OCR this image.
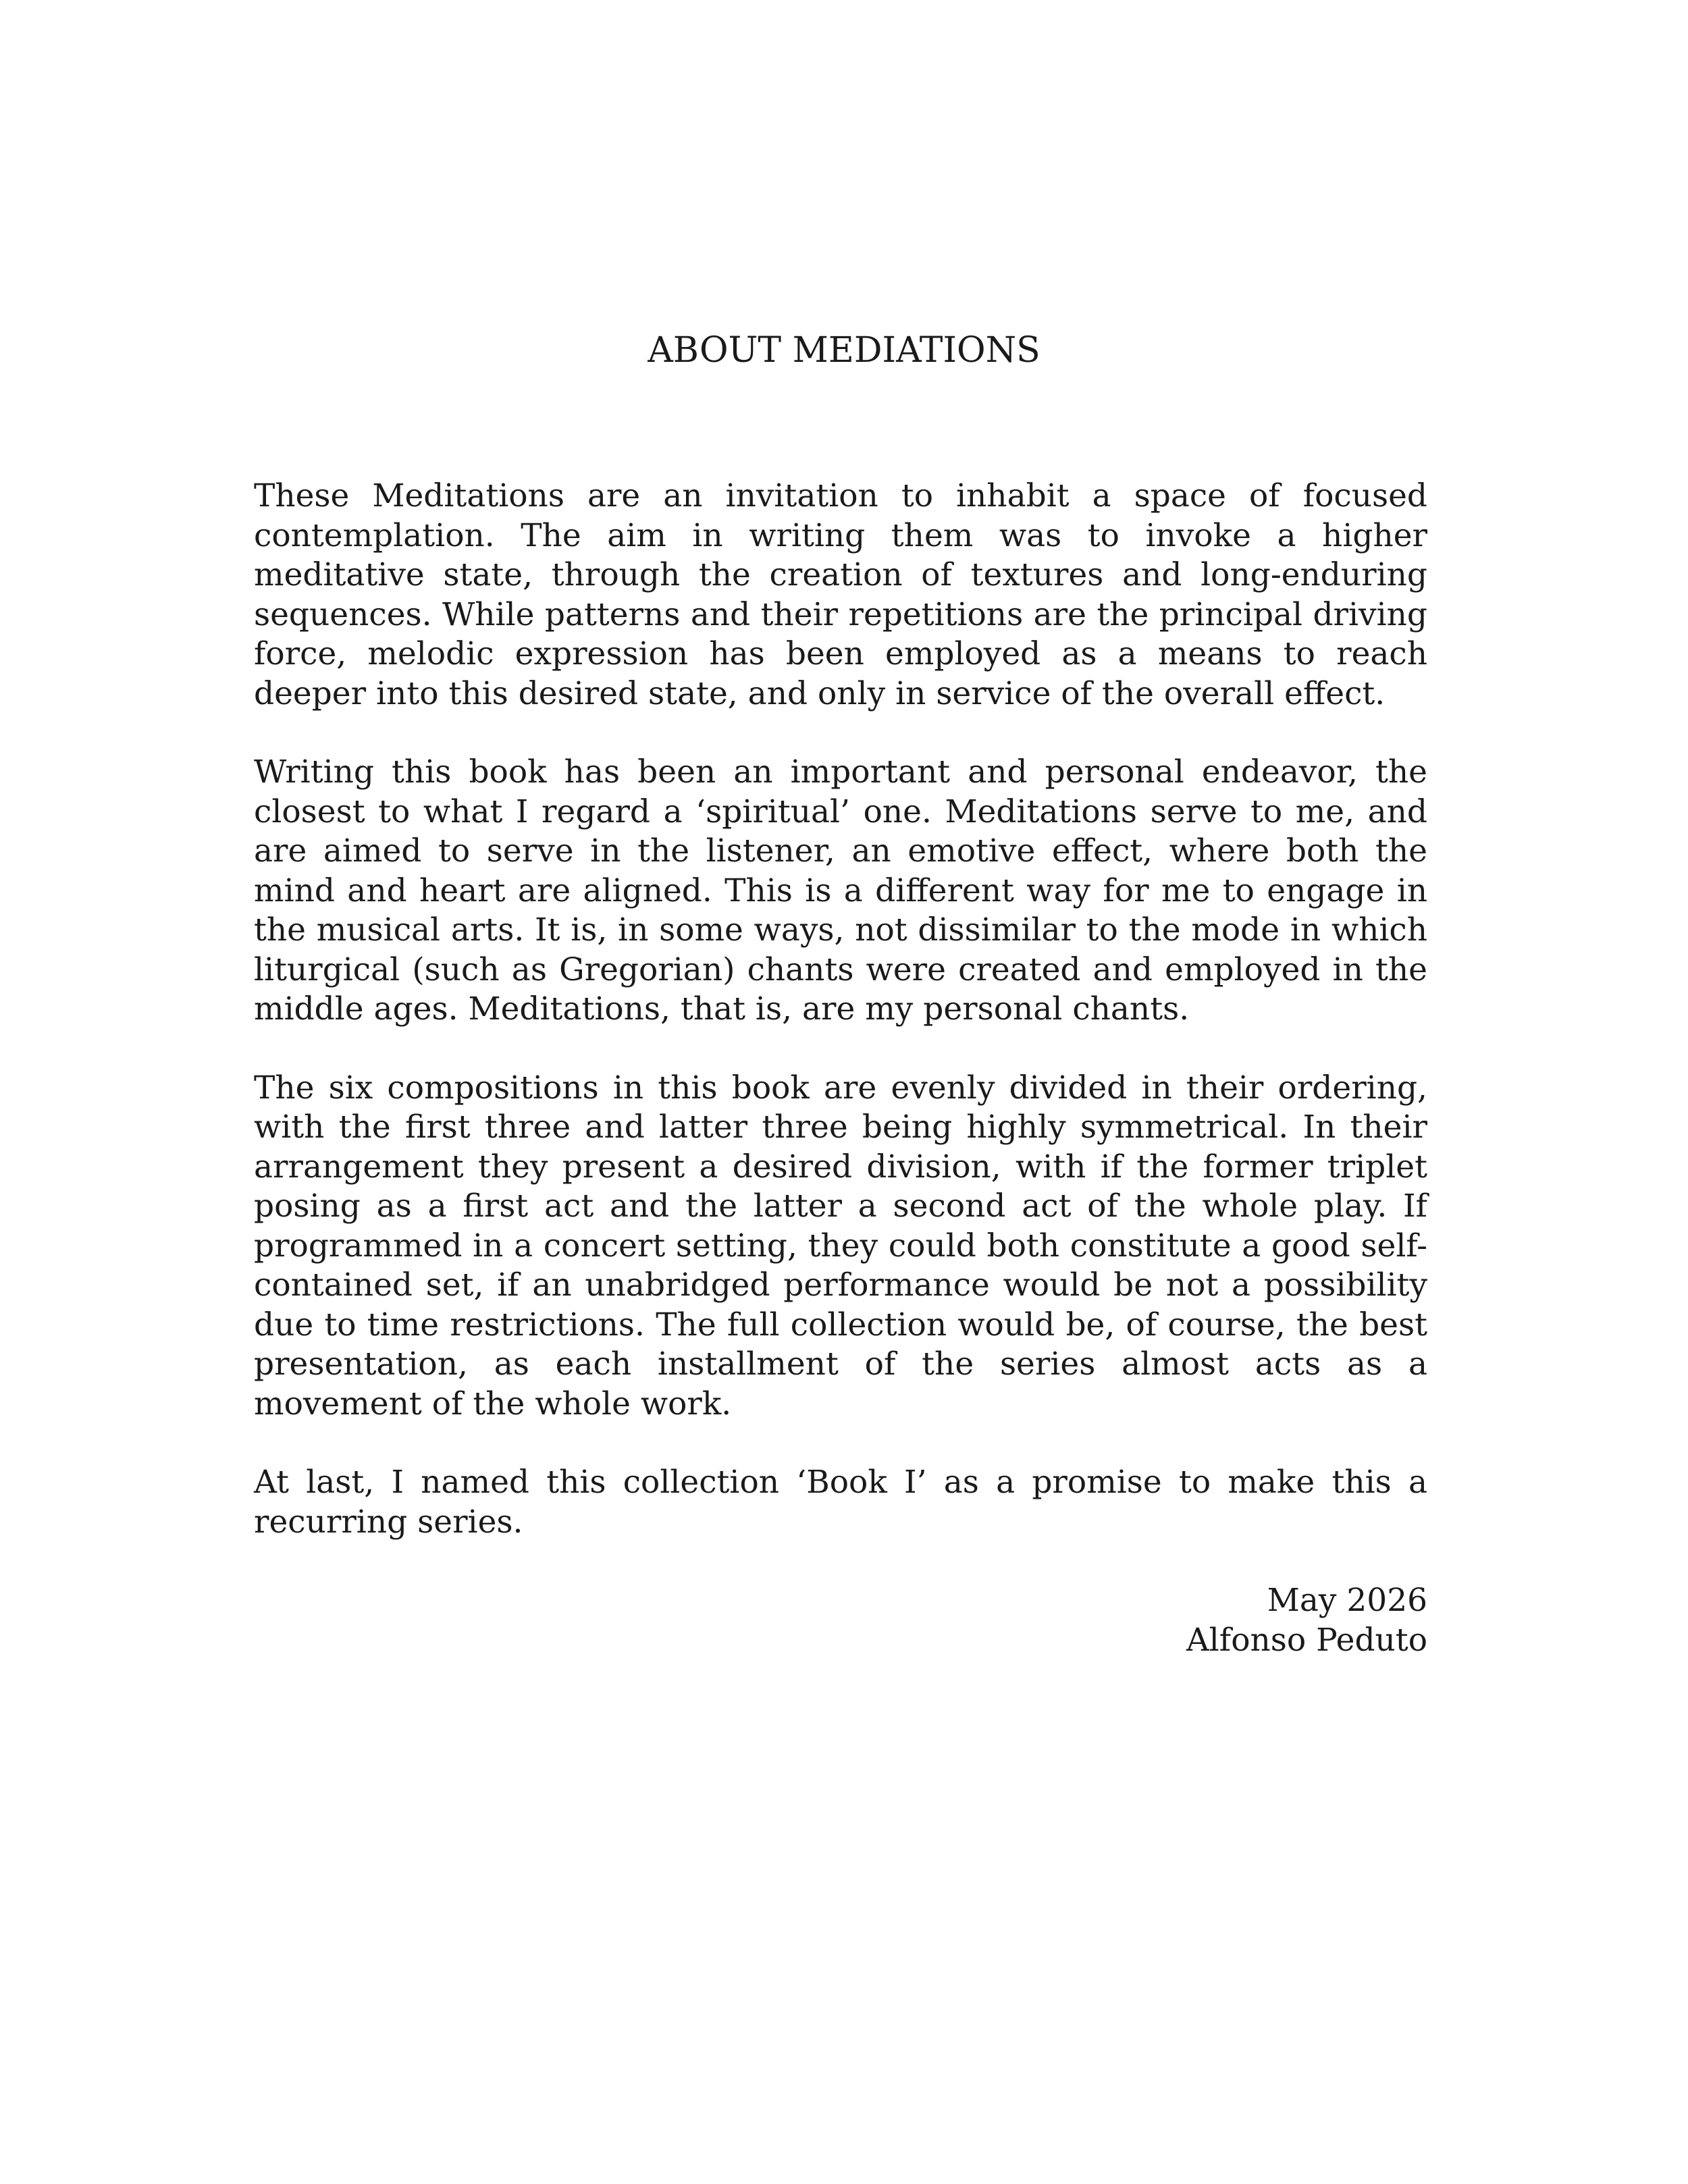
ABOUT MEDIATIONS

These Meditations are an invitation to inhabit a space of focused contemplation. The aim in writing them was to invoke a higher meditative state, through the creation of textures and long-enduring sequences. While patterns and their repetitions are the principal driving force, melodic expression has been employed as a means to reach deeper into this desired state, and only in service of the overall effect.

Writing this book has been an important and personal endeavor, the closest to what I regard a ‘spiritual’ one. Meditations serve to me, and are aimed to serve in the listener, an emotive effect, where both the mind and heart are aligned. This is a different way for me to engage in the musical arts. It is, in some ways, not dissimilar to the mode in which liturgical (such as Gregorian) chants were created and employed in the middle ages. Meditations, that is, are my personal chants.

The six compositions in this book are evenly divided in their ordering, with the first three and latter three being highly symmetrical. In their arrangement they present a desired division, with if the former triplet posing as a first act and the latter a second act of the whole play. If programmed in a concert setting, they could both constitute a good self-contained set, if an unabridged performance would be not a possibility due to time restrictions. The full collection would be, of course, the best presentation, as each installment of the series almost acts as a movement of the whole work.

At last, I named this collection ‘Book I’ as a promise to make this a recurring series.

May 2026
Alfonso Peduto
